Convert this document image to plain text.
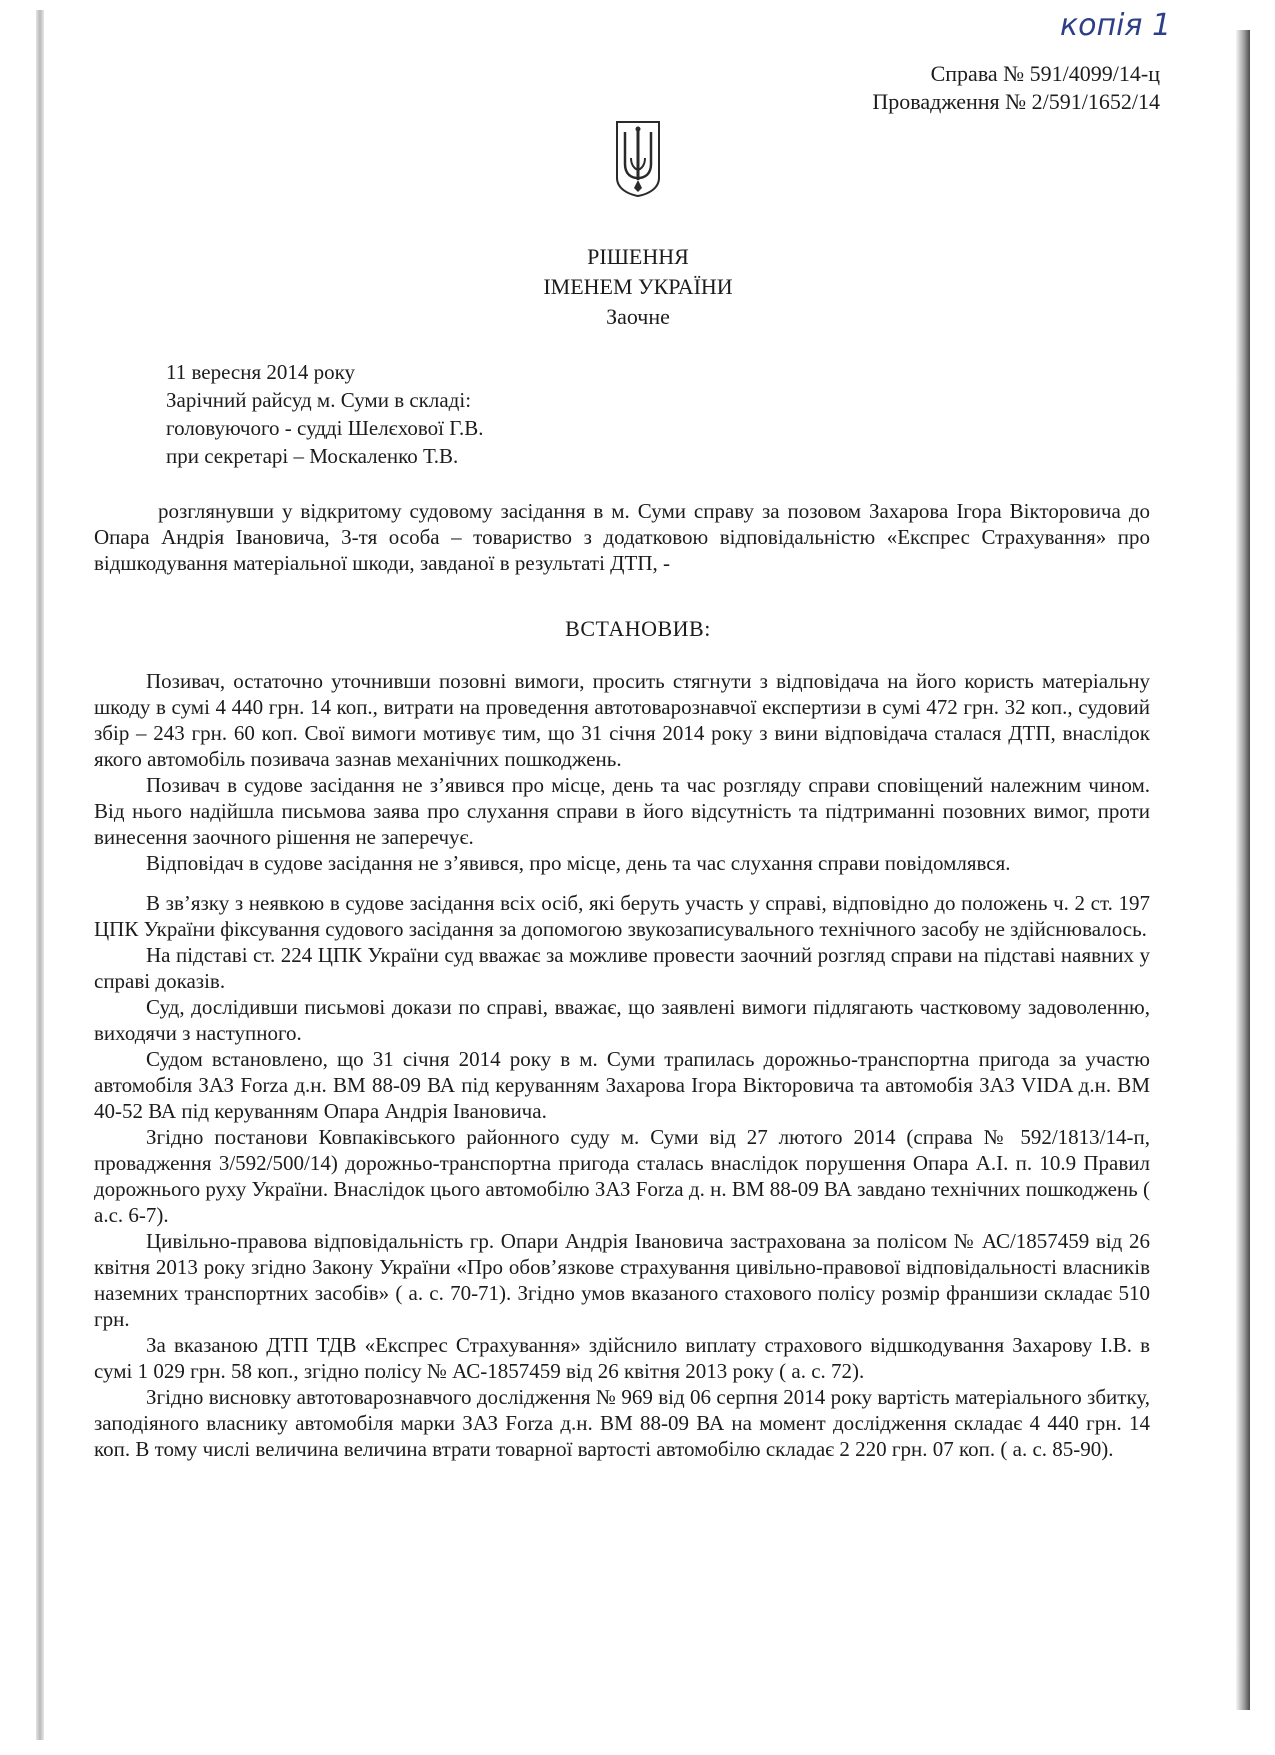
копія 1
Справа № 591/4099/14-ц
Провадження № 2/591/1652/14
РІШЕННЯ
ІМЕНЕМ УКРАЇНИ
Заочне
11 вересня 2014 року
Зарічний райсуд м. Суми в складі:
головуючого - судді Шелєхової Г.В.
при секретарі – Москаленко Т.В.

розглянувши у відкритому судовому засідання в м. Суми справу за позовом Захарова Ігора Вікторовича до Опара Андрія Івановича, 3-тя особа – товариство з додатковою відповідальністю «Експрес Страхування» про відшкодування матеріальної шкоди, завданої в результаті ДТП, -

ВСТАНОВИВ:

Позивач, остаточно уточнивши позовні вимоги, просить стягнути з відповідача на його користь матеріальну шкоду в сумі 4 440 грн. 14 коп., витрати на проведення автотоварознавчої експертизи в сумі 472 грн. 32 коп., судовий збір – 243 грн. 60 коп. Свої вимоги мотивує тим, що 31 січня 2014 року з вини відповідача сталася ДТП, внаслідок якого автомобіль позивача зазнав механічних пошкоджень.

Позивач в судове засідання не з’явився про місце, день та час розгляду справи сповіщений належним чином. Від нього надійшла письмова заява про слухання справи в його відсутність та підтриманні позовних вимог, проти винесення заочного рішення не заперечує.

Відповідач в судове засідання не з’явився, про місце, день та час слухання справи повідомлявся.

В зв’язку з неявкою в судове засідання всіх осіб, які беруть участь у справі, відповідно до положень ч. 2 ст. 197 ЦПК України фіксування судового засідання за допомогою звукозаписувального технічного засобу не здійснювалось.

На підставі ст. 224 ЦПК України суд вважає за можливе провести заочний розгляд справи на підставі наявних у справі доказів.

Суд, дослідивши письмові докази по справі, вважає, що заявлені вимоги підлягають частковому задоволенню, виходячи з наступного.

Судом встановлено, що 31 січня 2014 року в м. Суми трапилась дорожньо-транспортна пригода за участю автомобіля ЗАЗ Forza д.н. ВМ 88-09 ВА під керуванням Захарова Ігора Вікторовича та автомобія ЗАЗ VIDA д.н. ВМ 40-52 ВА під керуванням Опара Андрія Івановича.

Згідно постанови Ковпаківського районного суду м. Суми від 27 лютого 2014 (справа № 592/1813/14-п, провадження 3/592/500/14) дорожньо-транспортна пригода сталась внаслідок порушення Опара А.І. п. 10.9 Правил дорожнього руху України. Внаслідок цього автомобілю ЗАЗ Forza д. н. ВМ 88-09 ВА завдано технічних пошкоджень ( а.с. 6-7).

Цивільно-правова відповідальність гр. Опари Андрія Івановича застрахована за полісом № АС/1857459 від 26 квітня 2013 року згідно Закону України «Про обов’язкове страхування цивільно-правової відповідальності власників наземних транспортних засобів» ( а. с. 70-71). Згідно умов вказаного стахового полісу розмір франшизи складає 510 грн.

За вказаною ДТП ТДВ «Експрес Страхування» здійснило виплату страхового відшкодування Захарову І.В. в сумі 1 029 грн. 58 коп., згідно полісу № АС-1857459 від 26 квітня 2013 року ( а. с. 72).

Згідно висновку автотоварознавчого дослідження № 969 від 06 серпня 2014 року вартість матеріального збитку, заподіяного власнику автомобіля марки ЗАЗ Forza д.н. ВМ 88-09 ВА на момент дослідження складає 4 440 грн. 14 коп. В тому числі величина величина втрати товарної вартості автомобілю складає 2 220 грн. 07 коп. ( а. с. 85-90).
